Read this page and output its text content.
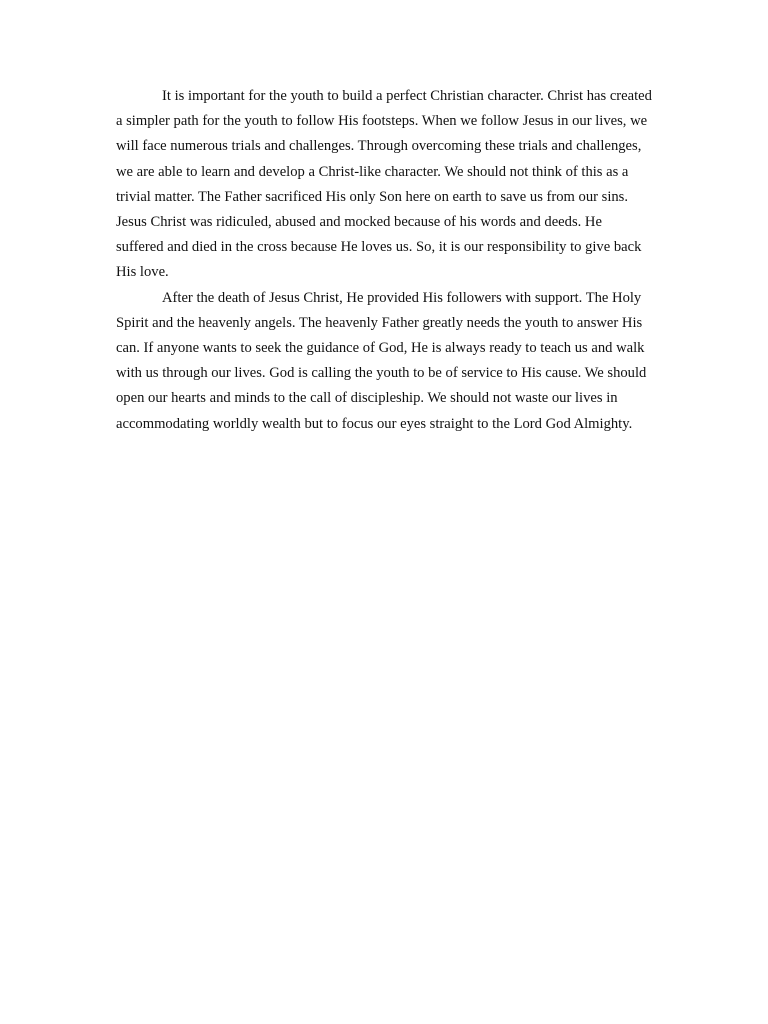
It is important for the youth to build a perfect Christian character. Christ has created a simpler path for the youth to follow His footsteps. When we follow Jesus in our lives, we will face numerous trials and challenges. Through overcoming these trials and challenges, we are able to learn and develop a Christ-like character. We should not think of this as a trivial matter. The Father sacrificed His only Son here on earth to save us from our sins. Jesus Christ was ridiculed, abused and mocked because of his words and deeds. He suffered and died in the cross because He loves us. So, it is our responsibility to give back His love.

After the death of Jesus Christ, He provided His followers with support. The Holy Spirit and the heavenly angels. The heavenly Father greatly needs the youth to answer His can. If anyone wants to seek the guidance of God, He is always ready to teach us and walk with us through our lives. God is calling the youth to be of service to His cause. We should open our hearts and minds to the call of discipleship. We should not waste our lives in accommodating worldly wealth but to focus our eyes straight to the Lord God Almighty.
